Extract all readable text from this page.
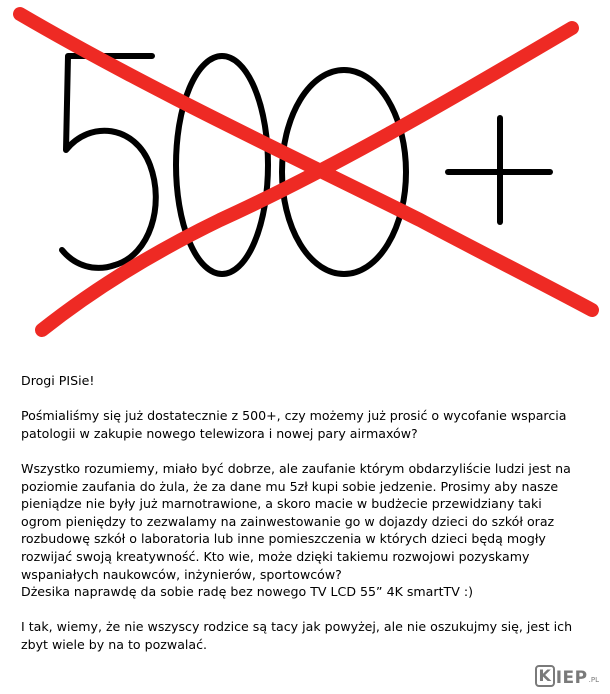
Drogi PISie!

Pośmialiśmy się już dostatecznie z 500+, czy możemy już prosić o wycofanie wsparcia

patologii w zakupie nowego telewizora i nowej pary airmaxów?

Wszystko rozumiemy, miało być dobrze, ale zaufanie którym obdarzyliście ludzi jest na

poziomie zaufania do żula, że za dane mu 5zł kupi sobie jedzenie. Prosimy aby nasze

pieniądze nie były już marnotrawione, a skoro macie w budżecie przewidziany taki

ogrom pieniędzy to zezwalamy na zainwestowanie go w dojazdy dzieci do szkół oraz

rozbudowę szkół o laboratoria lub inne pomieszczenia w których dzieci będą mogły

rozwijać swoją kreatywność. Kto wie, może dzięki takiemu rozwojowi pozyskamy

wspaniałych naukowców, inżynierów, sportowców?

Dżesika naprawdę da sobie radę bez nowego TV LCD 55” 4K smartTV :)

I tak, wiemy, że nie wszyscy rodzice są tacy jak powyżej, ale nie oszukujmy się, jest ich

zbyt wiele by na to pozwalać.

K IEP .PL
